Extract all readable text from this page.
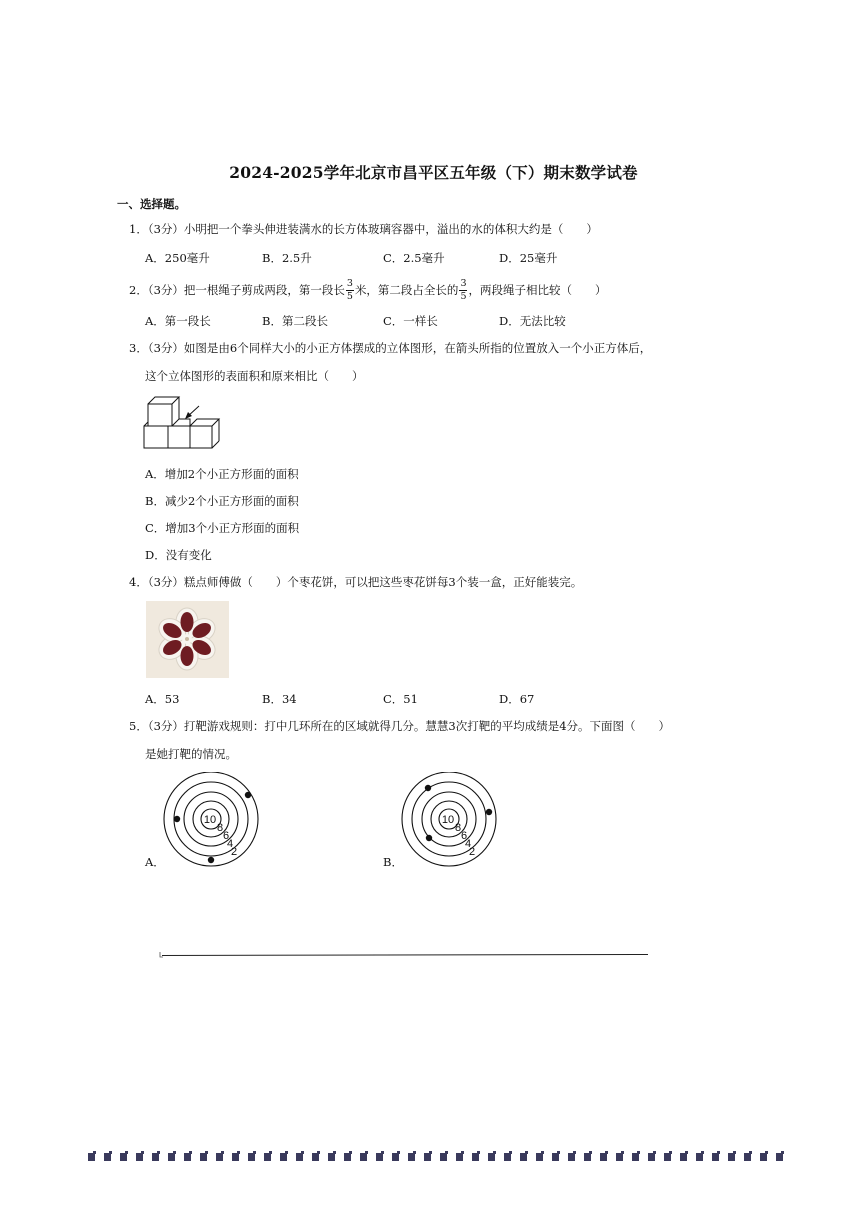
2024-2025学年北京市昌平区五年级（下）期末数学试卷
一、选择题。
1．（3分）小明把一个拳头伸进装满水的长方体玻璃容器中，溢出的水的体积大约是（　　）
A．250毫升	B．2.5升	C．2.5毫升	D．25毫升
2．（3分）把一根绳子剪成两段，第一段长 $\frac{3}{5}$ 米，第二段占全长的 $\frac{3}{5}$ ，两段绳子相比较（　　）
A．第一段长	B．第二段长	C．一样长	D．无法比较
3．（3分）如图是由6个同样大小的小正方体摆成的立体图形，在箭头所指的位置放入一个小正方体后，
这个立体图形的表面积和原来相比（　　）
A．增加2个小正方形面的面积
B．减少2个小正方形面的面积
C．增加3个小正方形面的面积
D．没有变化
4．（3分）糕点师傅做（　　）个枣花饼，可以把这些枣花饼每3个装一盒，正好能装完。
A．53	B．34	C．51	D．67
5．（3分）打靶游戏规则：打中几环所在的区域就得几分。慧慧3次打靶的平均成绩是4分。下面图（　　）
是她打靶的情况。
10
8
6
4
2
A．
10
8
6
4
2
B．
